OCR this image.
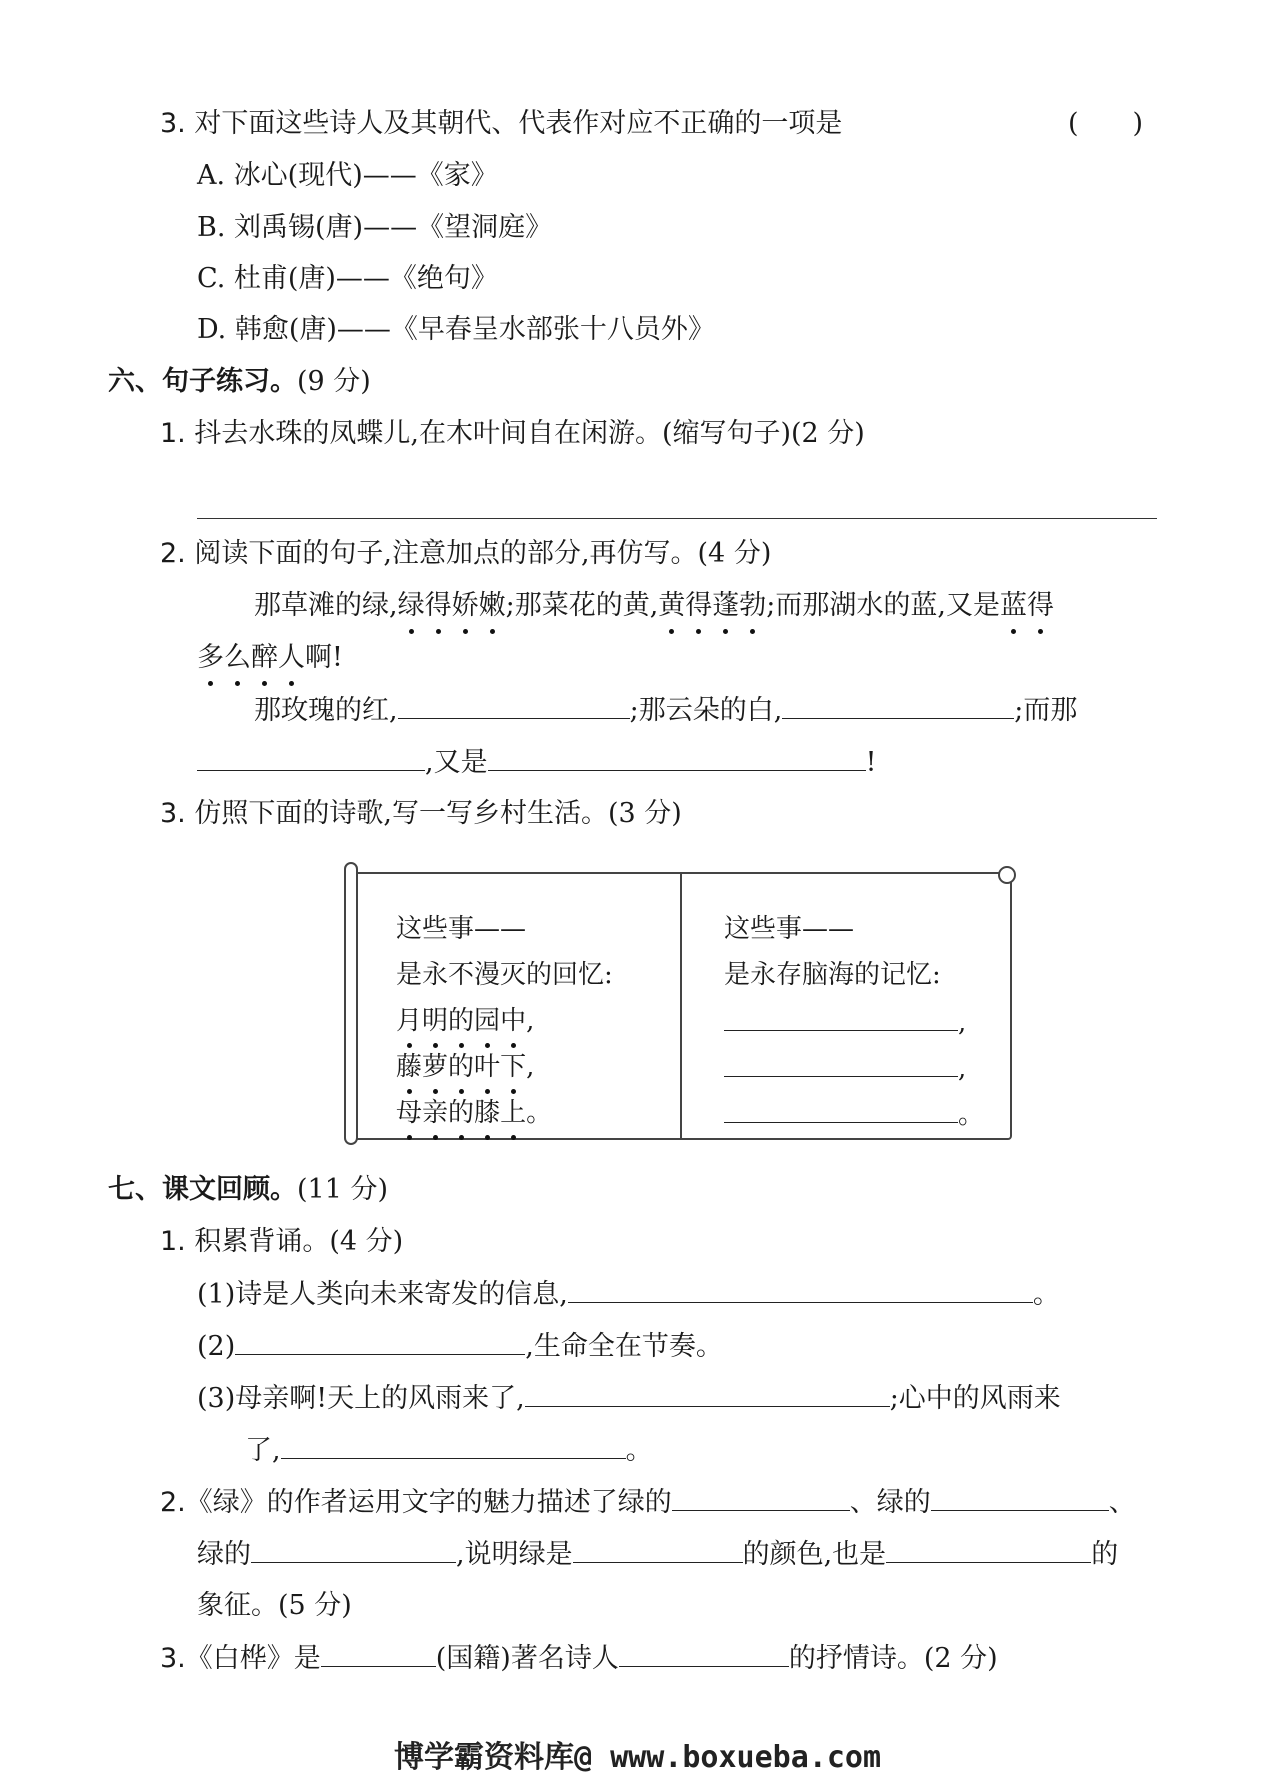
3. 对下面这些诗人及其朝代、代表作对应不正确的一项是	(　　)
A. 冰心(现代)——《家》
B. 刘禹锡(唐)——《望洞庭》
C. 杜甫(唐)——《绝句》
D. 韩愈(唐)——《早春呈水部张十八员外》
六、句子练习。(9 分)
1. 抖去水珠的凤蝶儿,在木叶间自在闲游。(缩写句子)(2 分)
2. 阅读下面的句子,注意加点的部分,再仿写。(4 分)
那草滩的绿,绿得娇嫩;那菜花的黄,黄得蓬勃;而那湖水的蓝,又是蓝得
多么醉人啊!
那玫瑰的红,	;那云朵的白,	;而那
,又是	!
3. 仿照下面的诗歌,写一写乡村生活。(3 分)
这些事——
是永不漫灭的回忆:
月明的园中,
藤萝的叶下,
母亲的膝上。
这些事——
是永存脑海的记忆:
,
,
。
七、课文回顾。(11 分)
1. 积累背诵。(4 分)
(1)诗是人类向未来寄发的信息,	。
(2)	,生命全在节奏。
(3)母亲啊!天上的风雨来了,	;心中的风雨来
了,	。
2.《绿》的作者运用文字的魅力描述了绿的	、绿的	、
绿的	,说明绿是	的颜色,也是	的
象征。(5 分)
3.《白桦》是	(国籍)著名诗人	的抒情诗。(2 分)
博学霸资料库@ www.boxueba.com
